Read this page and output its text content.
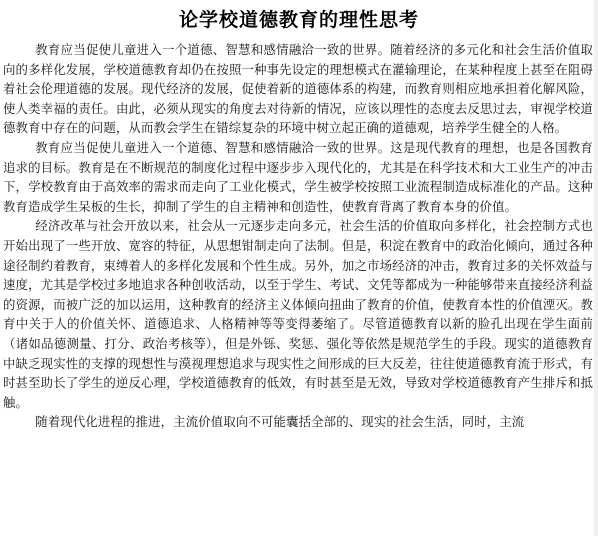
论学校道德教育的理性思考

教育应当促使儿童进入一个道德、智慧和感情融洽一致的世界。随着经济的多元化和社会生活价值取向的多样化发展，学校道德教育却仍在按照一种事先设定的理想模式在灌输理论，在某种程度上甚至在阻碍着社会伦理道德的发展。现代经济的发展，促使着新的道德体系的构建，而教育则相应地承担着化解风险，使人类幸福的责任。由此，必须从现实的角度去对待新的情况，应该以理性的态度去反思过去，审视学校道德教育中存在的问题，从而教会学生在错综复杂的环境中树立起正确的道德观，培养学生健全的人格。

教育应当促使儿童进入一个道德、智慧和感情融洽一致的世界。这是现代教育的理想，也是各国教育追求的目标。教育是在不断规范的制度化过程中逐步步入现代化的，尤其是在科学技术和大工业生产的冲击下，学校教育由于高效率的需求而走向了工业化模式，学生被学校按照工业流程制造成标准化的产品。这种教育造成学生呆板的生长，抑制了学生的自主精神和创造性，使教育背离了教育本身的价值。

经济改革与社会开放以来，社会从一元逐步走向多元，社会生活的价值取向多样化，社会控制方式也开始出现了一些开放、宽容的特征，从思想钳制走向了法制。但是，积淀在教育中的政治化倾向，通过各种途径制约着教育，束缚着人的多样化发展和个性生成。另外，加之市场经济的冲击，教育过多的关怀效益与速度，尤其是学校过多地追求各种创收活动，以至于学生、考试、文凭等都成为一种能够带来直接经济利益的资源，而被广泛的加以运用，这种教育的经济主义体倾向扭曲了教育的价值，使教育本性的价值湮灭。教育中关于人的价值关怀、道德追求、人格精神等等变得萎缩了。尽管道德教育以新的脸孔出现在学生面前（诸如品德测量、打分、政治考核等），但是外铄、奖惩、强化等依然是规范学生的手段。现实的道德教育中缺乏现实性的支撑的现想性与漠视理想追求与现实性之间形成的巨大反差，往往使道德教育流于形式，有时甚至助长了学生的逆反心理，学校道德教育的低效，有时甚至是无效，导致对学校道德教育产生排斥和抵触。

随着现代化进程的推进，主流价值取向不可能囊括全部的、现实的社会生活，同时，主流
